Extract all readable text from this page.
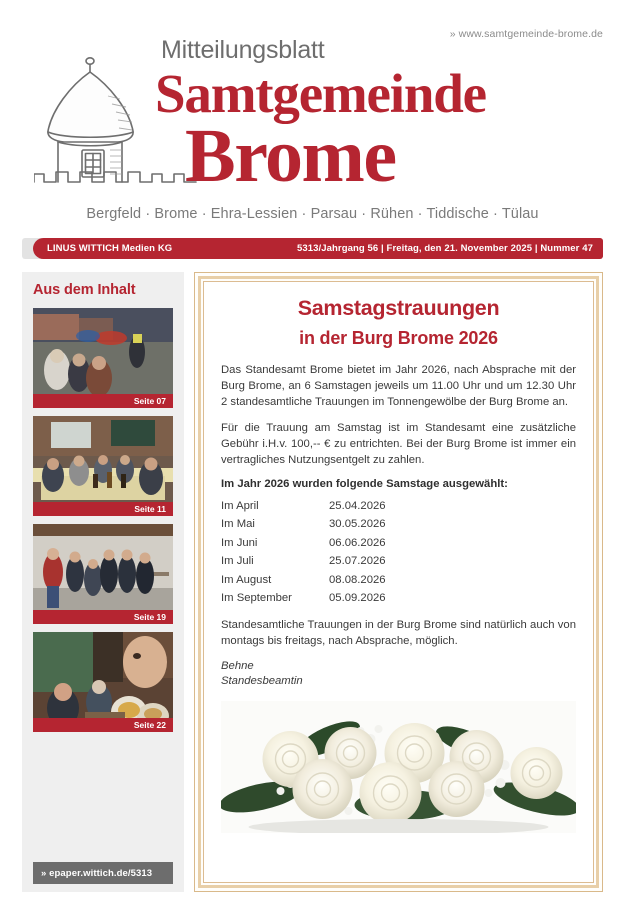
» www.samtgemeinde-brome.de
Mitteilungsblatt
Samtgemeinde
Brome
Bergfeld · Brome · Ehra-Lessien · Parsau · Rühen · Tiddische · Tülau
LINUS WITTICH Medien KG	5313/Jahrgang 56 | Freitag, den 21. November 2025 | Nummer 47
Aus dem Inhalt
Seite 07
Seite 11
Seite 19
Seite 22
» epaper.wittich.de/5313
Samstagstrauungen
in der Burg Brome 2026

Das Standesamt Brome bietet im Jahr 2026, nach Absprache mit der Burg Brome, an 6 Samstagen jeweils um 11.00 Uhr und um 12.30 Uhr 2 standesamtliche Trauungen im Tonnengewölbe der Burg Brome an.

Für die Trauung am Samstag ist im Standesamt eine zusätzliche Gebühr i.H.v. 100,-- € zu entrichten. Bei der Burg Brome ist immer ein vertragliches Nutzungsentgelt zu zahlen.

Im Jahr 2026 wurden folgende Samstage ausgewählt:
Im April	25.04.2026
Im Mai	30.05.2026
Im Juni	06.06.2026
Im Juli	25.07.2026
Im August	08.08.2026
Im September	05.09.2026

Standesamtliche Trauungen in der Burg Brome sind natürlich auch von montags bis freitags, nach Absprache, möglich.

Behne
Standesbeamtin
